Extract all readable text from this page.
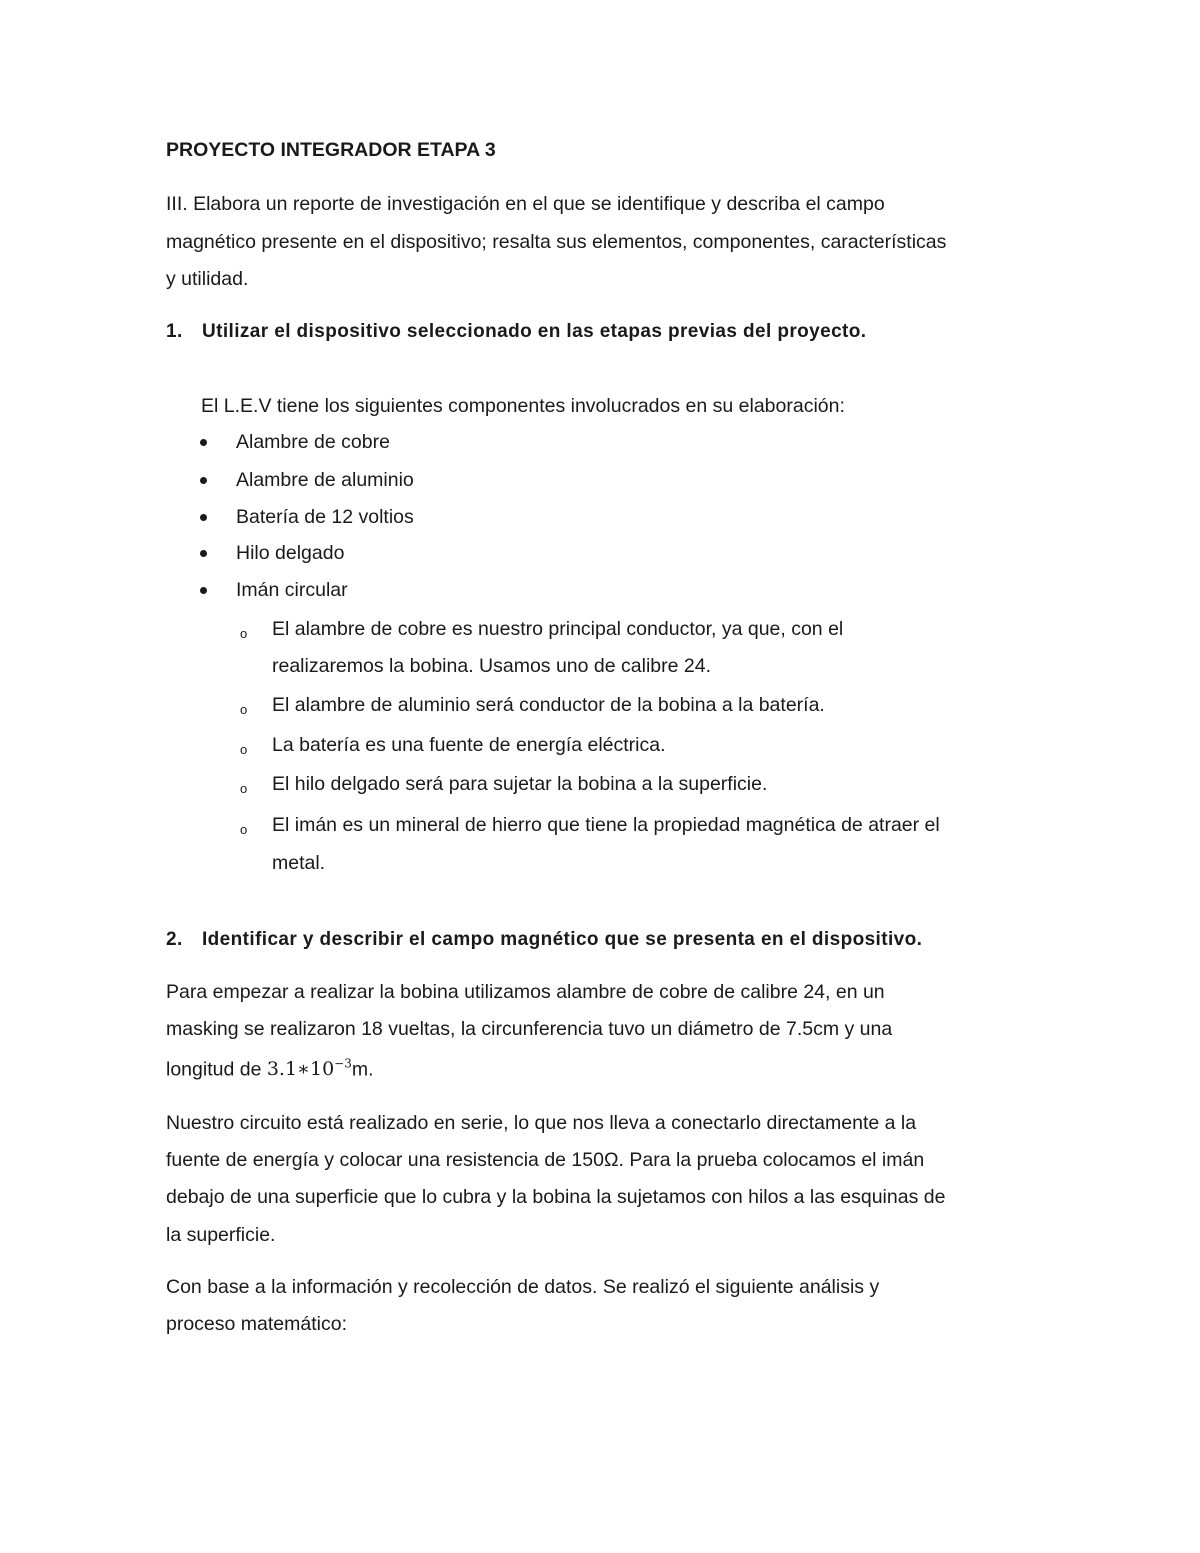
PROYECTO INTEGRADOR ETAPA 3
III. Elabora un reporte de investigación en el que se identifique y describa el campo
magnético presente en el dispositivo; resalta sus elementos, componentes, características
y utilidad.
1. Utilizar el dispositivo seleccionado en las etapas previas del proyecto.
El L.E.V tiene los siguientes componentes involucrados en su elaboración:
Alambre de cobre
Alambre de aluminio
Batería de 12 voltios
Hilo delgado
Imán circular
o El alambre de cobre es nuestro principal conductor, ya que, con el
realizaremos la bobina. Usamos uno de calibre 24.
o El alambre de aluminio será conductor de la bobina a la batería.
o La batería es una fuente de energía eléctrica.
o El hilo delgado será para sujetar la bobina a la superficie.
o El imán es un mineral de hierro que tiene la propiedad magnética de atraer el
metal.
2. Identificar y describir el campo magnético que se presenta en el dispositivo.
Para empezar a realizar la bobina utilizamos alambre de cobre de calibre 24, en un
masking se realizaron 18 vueltas, la circunferencia tuvo un diámetro de 7.5cm y una
longitud de $3.1∗10^{-3}m$.
Nuestro circuito está realizado en serie, lo que nos lleva a conectarlo directamente a la
fuente de energía y colocar una resistencia de 150Ω. Para la prueba colocamos el imán
debajo de una superficie que lo cubra y la bobina la sujetamos con hilos a las esquinas de
la superficie.
Con base a la información y recolección de datos. Se realizó el siguiente análisis y
proceso matemático:
